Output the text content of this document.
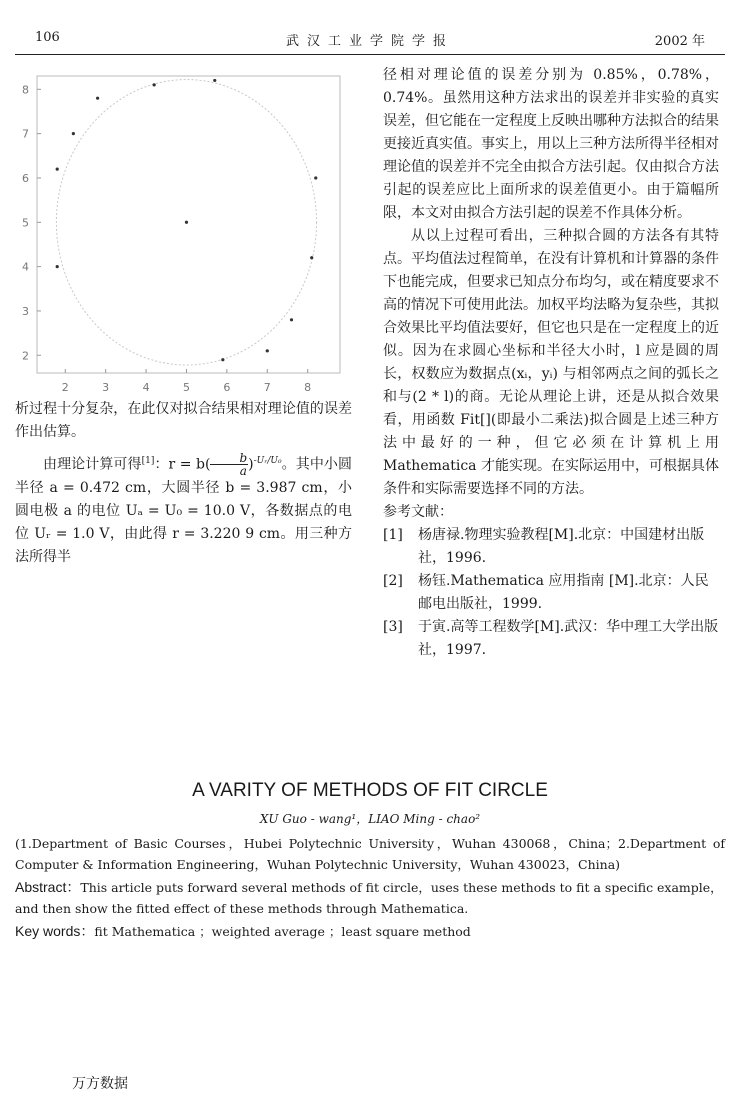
106	武汉工业学院学报	2002 年
2	3	4	5	6	7	8
2
3
4
5
6
7
8

析过程十分复杂，在此仅对拟合结果相对理论值的误差作出估算。

由理论计算可得[1]：$r = b( \frac{b}{a} )^{-Uᵣ/U_0}$。其中小圆半径 a = 0.472 cm，大圆半径 b = 3.987 cm，小圆电极 a 的电位 Uₐ = U₀ = 10.0 V，各数据点的电位 Uᵣ = 1.0 V，由此得 r = 3.220 9 cm。用三种方法所得半

径相对理论值的误差分别为 0.85%，0.78%，0.74%。虽然用这种方法求出的误差并非实验的真实误差，但它能在一定程度上反映出哪种方法拟合的结果更接近真实值。事实上，用以上三种方法所得半径相对理论值的误差并不完全由拟合方法引起。仅由拟合方法引起的误差应比上面所求的误差值更小。由于篇幅所限，本文对由拟合方法引起的误差不作具体分析。

从以上过程可看出，三种拟合圆的方法各有其特点。平均值法过程简单，在没有计算机和计算器的条件下也能完成，但要求已知点分布均匀，或在精度要求不高的情况下可使用此法。加权平均法略为复杂些，其拟合效果比平均值法要好，但它也只是在一定程度上的近似。因为在求圆心坐标和半径大小时，l 应是圆的周长，权数应为数据点(xᵢ，yᵢ) 与相邻两点之间的弧长之和与(2 * l)的商。无论从理论上讲，还是从拟合效果看，用函数 Fit[](即最小二乘法)拟合圆是上述三种方法中最好的一种，但它必须在计算机上用 Mathematica 才能实现。在实际运用中，可根据具体条件和实际需要选择不同的方法。

参考文献：

[1]	杨唐禄.物理实验教程[M].北京：中国建材出版社，1996.
[2]	杨钰.Mathematica 应用指南 [M].北京：人民邮电出版社，1999.
[3]	于寅.高等工程数学[M].武汉：华中理工大学出版社，1997.
A VARITY OF METHODS OF FIT CIRCLE
XU Guo - wang¹，LIAO Ming - chao²
(1.Department of Basic Courses，Hubei Polytechnic University，Wuhan 430068，China；2.Department of Computer & Information Engineering，Wuhan Polytechnic University，Wuhan 430023，China)
Abstract：This article puts forward several methods of fit circle，uses these methods to fit a specific example，and then show the fitted effect of these methods through Mathematica.
Key words：fit Mathematica ；weighted average ；least square method
万方数据
